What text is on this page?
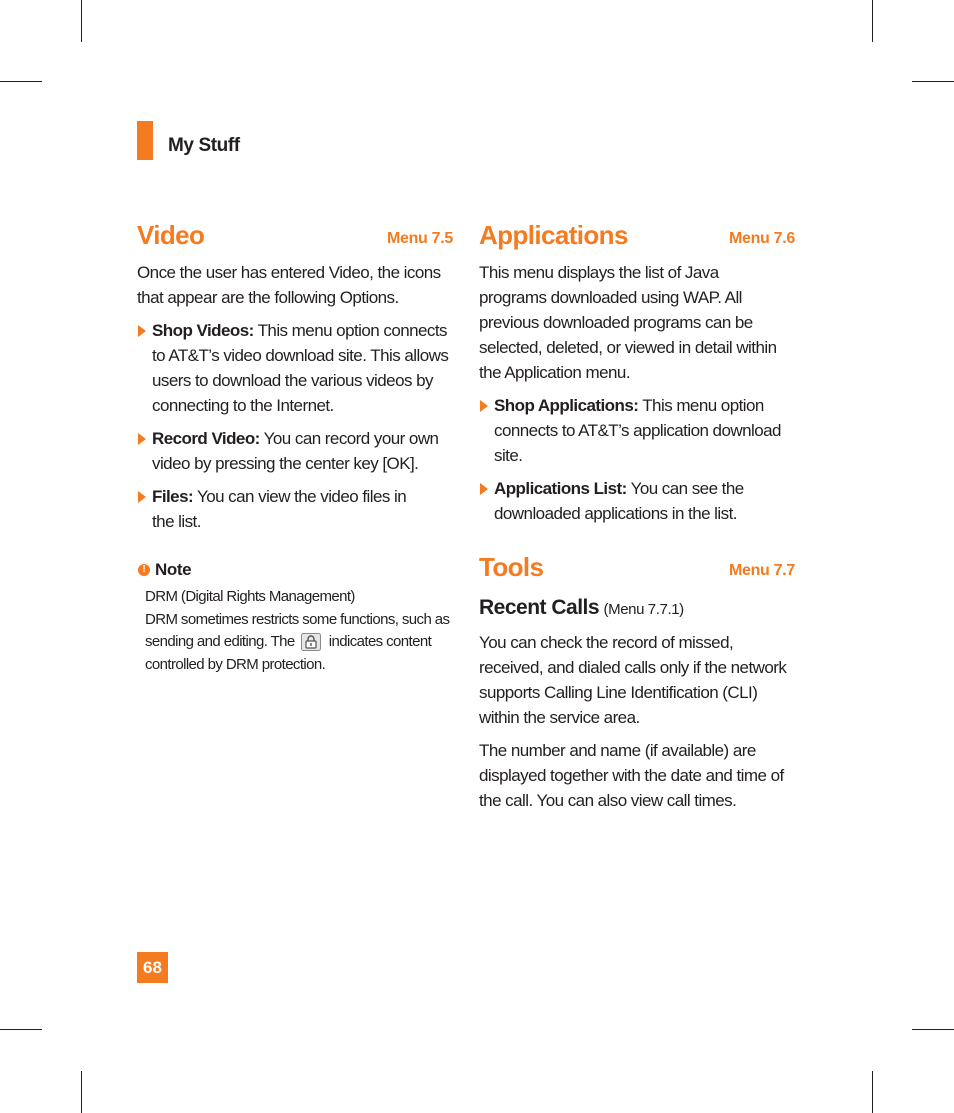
My Stuff
Video	Menu 7.5

Once the user has entered Video, the icons that appear are the following Options.

Shop Videos: This menu option connects to AT&T’s video download site. This allows users to download the various videos by connecting to the Internet.
Record Video: You can record your own video by pressing the center key [OK].
Files: You can view the video files in the list.
! Note
DRM (Digital Rights Management)
DRM sometimes restricts some functions, such as sending and editing. The indicates content controlled by DRM protection.
Applications	Menu 7.6

This menu displays the list of Java programs downloaded using WAP. All previous downloaded programs can be selected, deleted, or viewed in detail within the Application menu.

Shop Applications: This menu option connects to AT&T’s application download site.
Applications List: You can see the downloaded applications in the list.
Tools	Menu 7.7
Recent Calls (Menu 7.7.1)

You can check the record of missed, received, and dialed calls only if the network supports Calling Line Identification (CLI) within the service area.

The number and name (if available) are displayed together with the date and time of the call. You can also view call times.

68
